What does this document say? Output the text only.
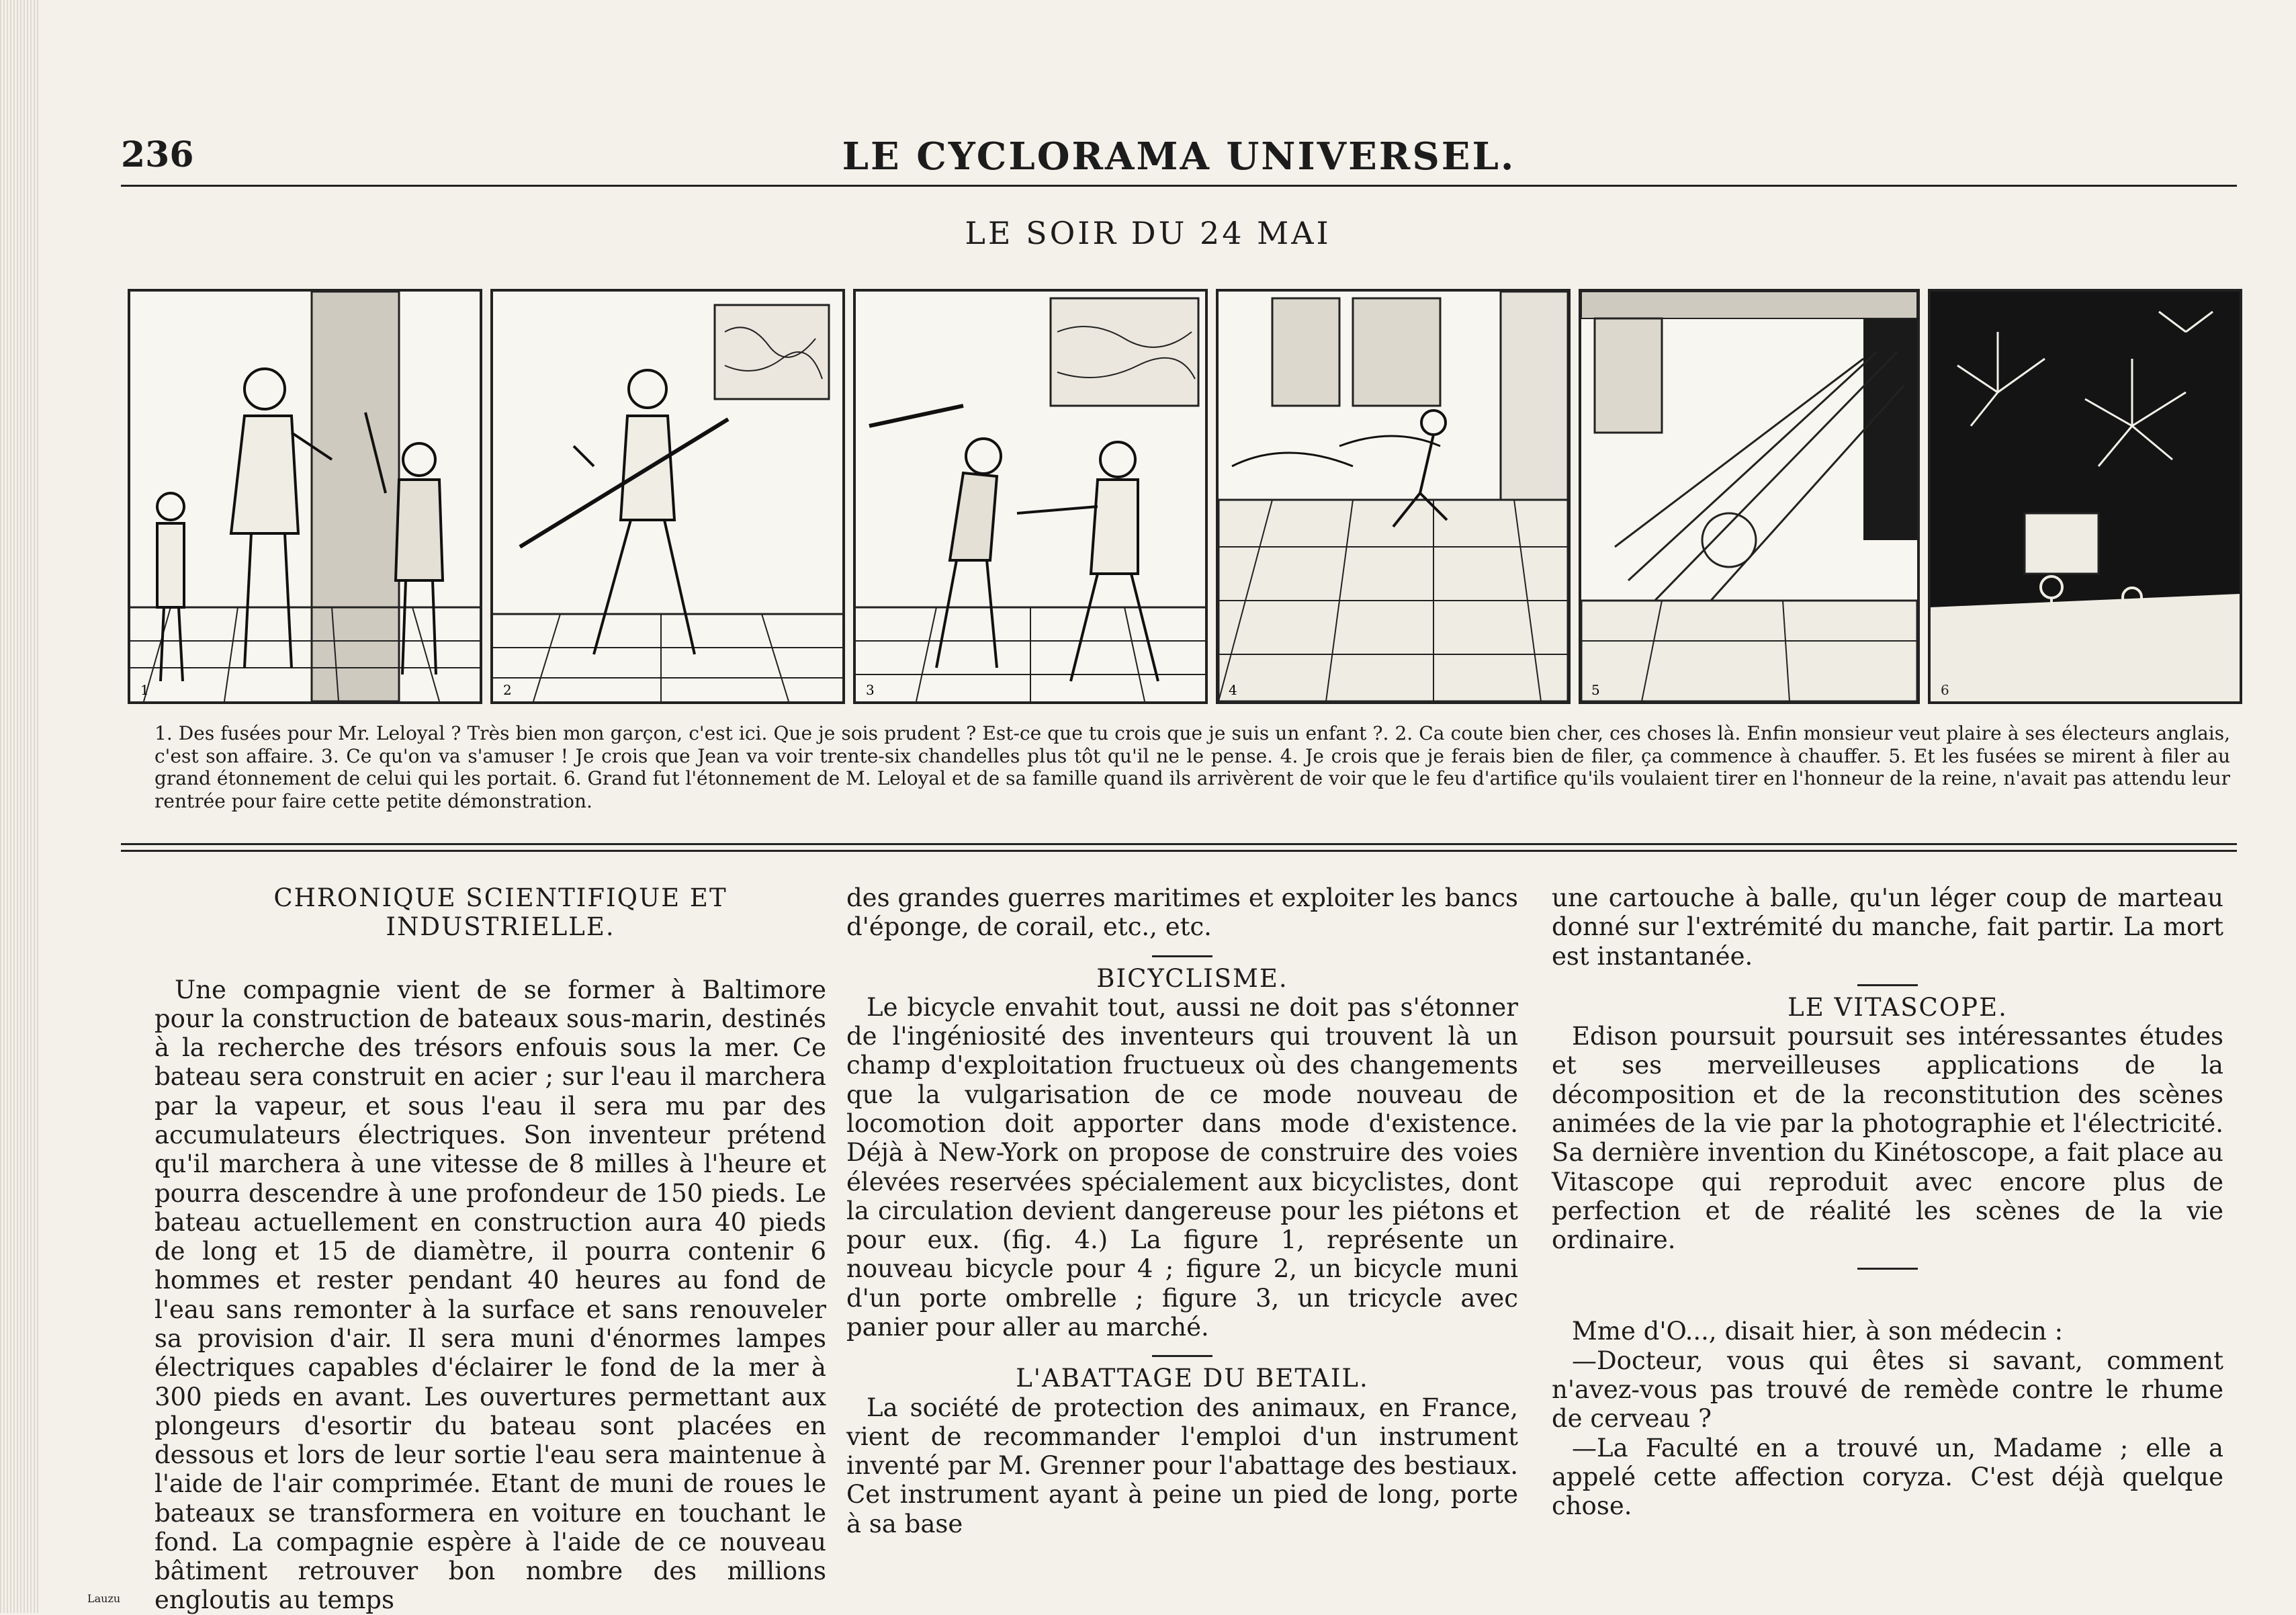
236	LE CYCLORAMA UNIVERSEL.
LE SOIR DU 24 MAI
1	2	3	4	5	6
1. Des fusées pour Mr. Leloyal ? Très bien mon garçon, c'est ici. Que je sois prudent ? Est-ce que tu crois que je suis un enfant ?. 2. Ca coute bien cher, ces choses là. Enfin monsieur veut plaire à ses électeurs anglais, c'est son affaire. 3. Ce qu'on va s'amuser ! Je crois que Jean va voir trente-six chandelles plus tôt qu'il ne le pense. 4. Je crois que je ferais bien de filer, ça commence à chauffer. 5. Et les fusées se mirent à filer au grand étonnement de celui qui les portait. 6. Grand fut l'étonnement de M. Leloyal et de sa famille quand ils arrivèrent de voir que le feu d'artifice qu'ils voulaient tirer en l'honneur de la reine, n'avait pas attendu leur rentrée pour faire cette petite démonstration.

CHRONIQUE SCIENTIFIQUE ET

INDUSTRIELLE.

Une compagnie vient de se former à Baltimore pour la construction de bateaux sous-marin, destinés à la recherche des trésors enfouis sous la mer. Ce bateau sera construit en acier ; sur l'eau il marchera par la vapeur, et sous l'eau il sera mu par des accumulateurs électriques. Son inventeur prétend qu'il marchera à une vitesse de 8 milles à l'heure et pourra descendre à une profondeur de 150 pieds. Le bateau actuellement en construction aura 40 pieds de long et 15 de diamètre, il pourra contenir 6 hommes et rester pendant 40 heures au fond de l'eau sans remonter à la surface et sans renouveler sa provision d'air. Il sera muni d'énormes lampes électriques capables d'éclairer le fond de la mer à 300 pieds en avant. Les ouvertures permettant aux plongeurs d'esortir du bateau sont placées en dessous et lors de leur sortie l'eau sera maintenue à l'aide de l'air comprimée. Etant de muni de roues le bateaux se transformera en voiture en touchant le fond. La compagnie espère à l'aide de ce nouveau bâtiment retrouver bon nombre des millions engloutis au temps

des grandes guerres maritimes et exploiter les bancs d'éponge, de corail, etc., etc.

BICYCLISME.

Le bicycle envahit tout, aussi ne doit pas s'étonner de l'ingéniosité des inventeurs qui trouvent là un champ d'exploitation fructueux où des changements que la vulgarisation de ce mode nouveau de locomotion doit apporter dans mode d'existence. Déjà à New-York on propose de construire des voies élevées reservées spécialement aux bicyclistes, dont la circulation devient dangereuse pour les piétons et pour eux. (fig. 4.) La figure 1, représente un nouveau bicycle pour 4 ; figure 2, un bicycle muni d'un porte ombrelle ; figure 3, un tricycle avec panier pour aller au marché.

L'ABATTAGE DU BETAIL.

La société de protection des animaux, en France, vient de recommander l'emploi d'un instrument inventé par M. Grenner pour l'abattage des bestiaux. Cet instrument ayant à peine un pied de long, porte à sa base

une cartouche à balle, qu'un léger coup de marteau donné sur l'extrémité du manche, fait partir. La mort est instantanée.

LE VITASCOPE.

Edison poursuit poursuit ses intéressantes études et ses merveilleuses applications de la décomposition et de la reconstitution des scènes animées de la vie par la photographie et l'électricité. Sa dernière invention du Kinétoscope, a fait place au Vitascope qui reproduit avec encore plus de perfection et de réalité les scènes de la vie ordinaire.

Mme d'O..., disait hier, à son médecin :

—Docteur, vous qui êtes si savant, comment n'avez-vous pas trouvé de remède contre le rhume de cerveau ?

—La Faculté en a trouvé un, Madame ; elle a appelé cette affection coryza. C'est déjà quelque chose.

Lauzu
